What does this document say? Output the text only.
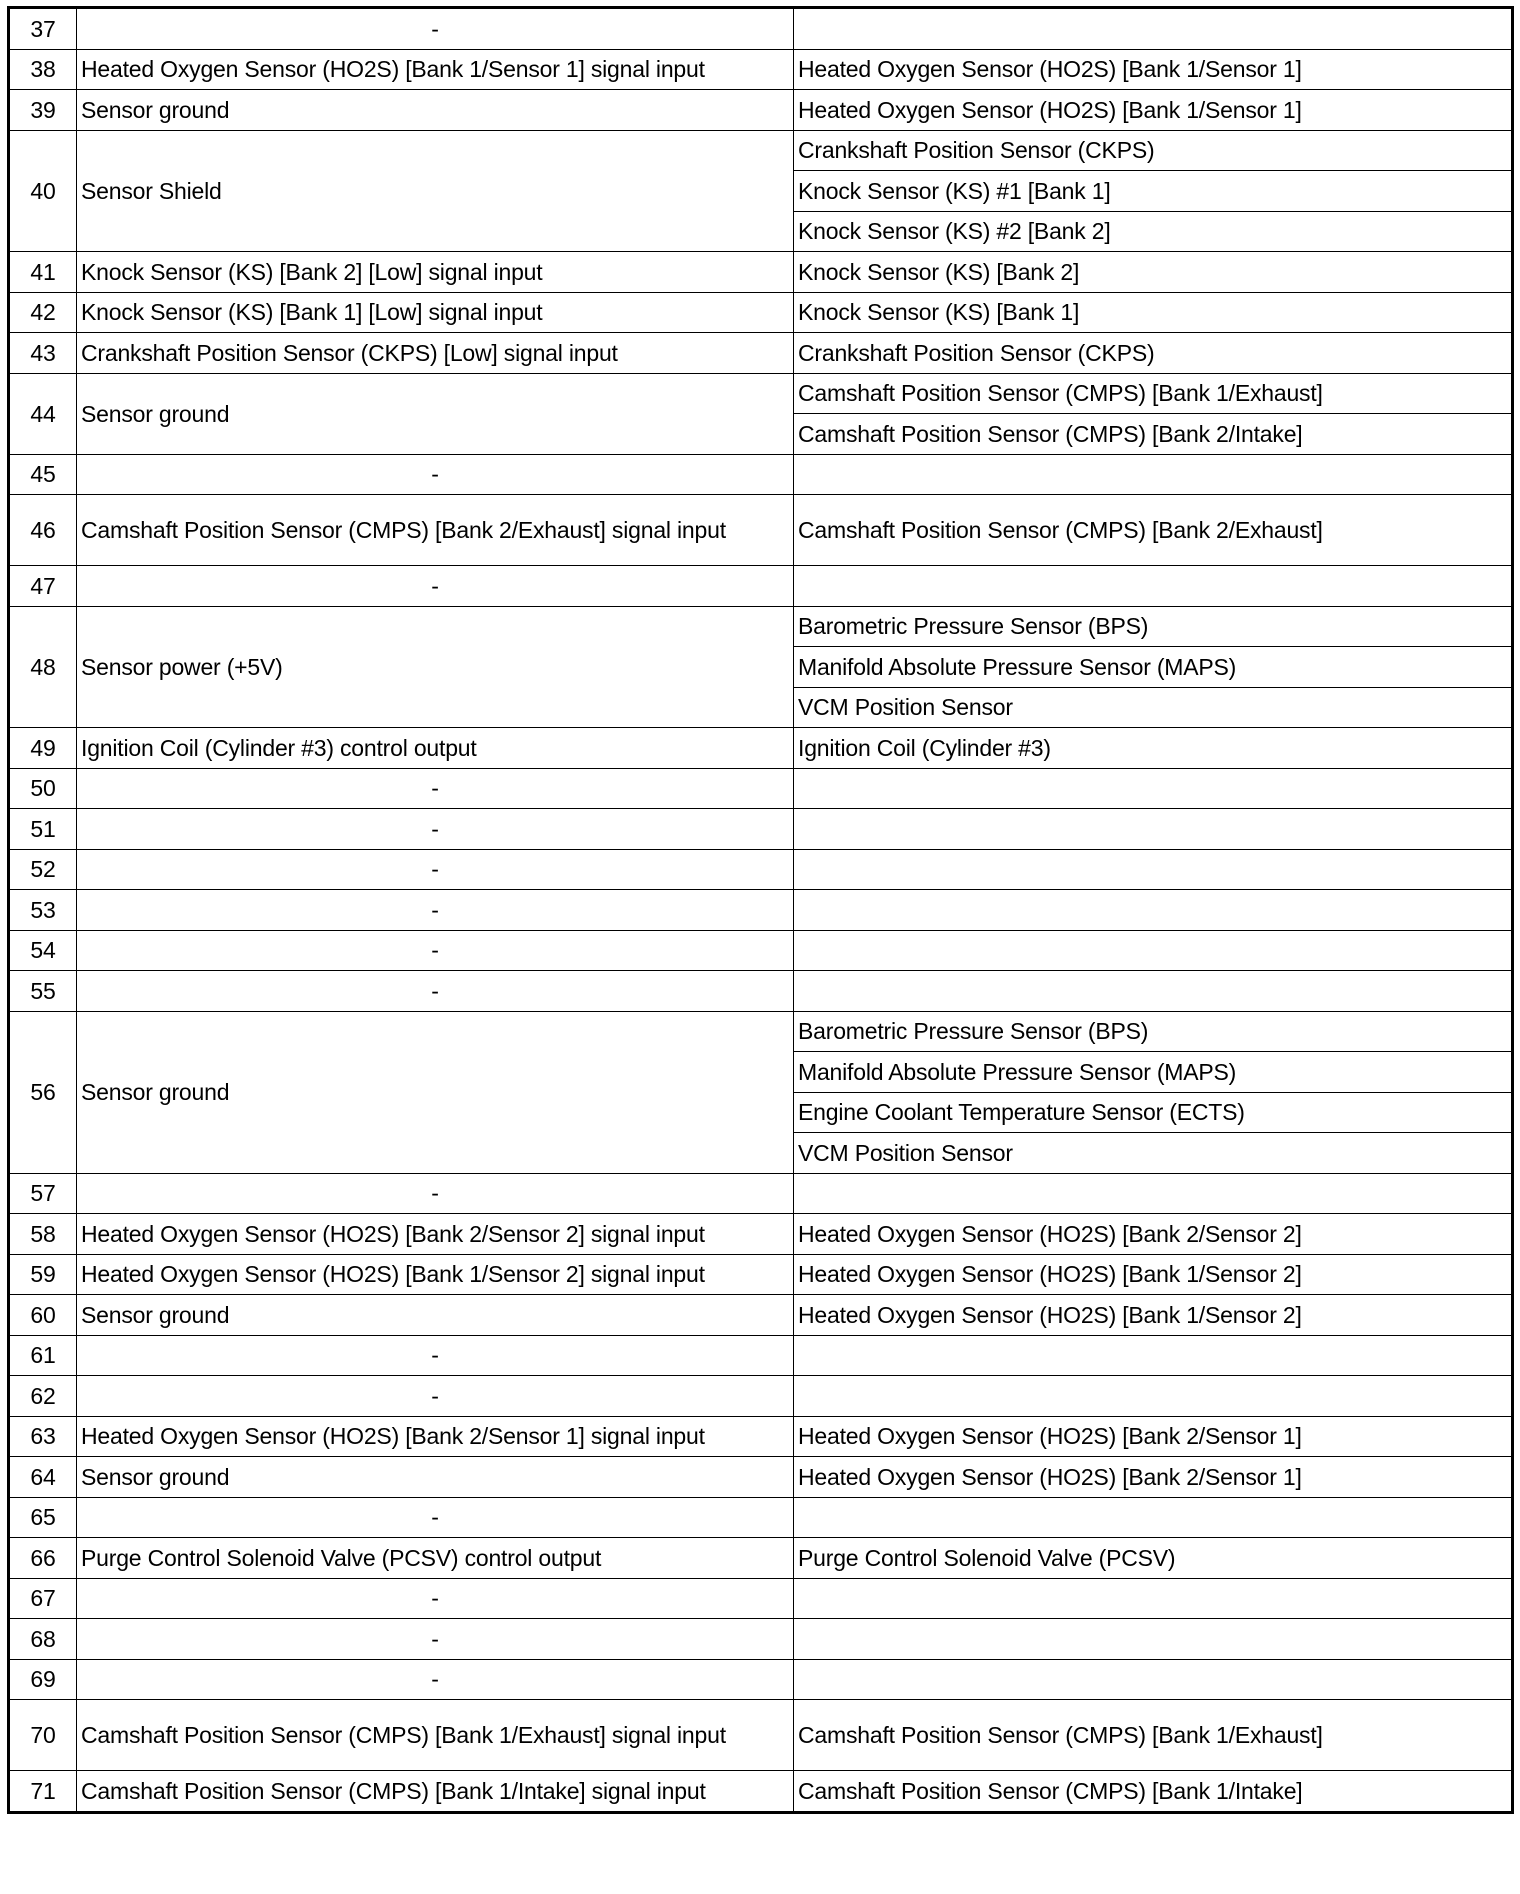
37	-	
38	Heated Oxygen Sensor (HO2S) [Bank 1/Sensor 1] signal input	Heated Oxygen Sensor (HO2S) [Bank 1/Sensor 1]
39	Sensor ground	Heated Oxygen Sensor (HO2S) [Bank 1/Sensor 1]
40	Sensor Shield	Crankshaft Position Sensor (CKPS)
		Knock Sensor (KS) #1 [Bank 1]
		Knock Sensor (KS) #2 [Bank 2]
41	Knock Sensor (KS) [Bank 2] [Low] signal input	Knock Sensor (KS) [Bank 2]
42	Knock Sensor (KS) [Bank 1] [Low] signal input	Knock Sensor (KS) [Bank 1]
43	Crankshaft Position Sensor (CKPS) [Low] signal input	Crankshaft Position Sensor (CKPS)
44	Sensor ground	Camshaft Position Sensor (CMPS) [Bank 1/Exhaust]
		Camshaft Position Sensor (CMPS) [Bank 2/Intake]
45	-	
46	Camshaft Position Sensor (CMPS) [Bank 2/Exhaust] signal input	Camshaft Position Sensor (CMPS) [Bank 2/Exhaust]
47	-	
48	Sensor power (+5V)	Barometric Pressure Sensor (BPS)
		Manifold Absolute Pressure Sensor (MAPS)
		VCM Position Sensor
49	Ignition Coil (Cylinder #3) control output	Ignition Coil (Cylinder #3)
50	-	
51	-	
52	-	
53	-	
54	-	
55	-	
56	Sensor ground	Barometric Pressure Sensor (BPS)
		Manifold Absolute Pressure Sensor (MAPS)
		Engine Coolant Temperature Sensor (ECTS)
		VCM Position Sensor
57	-	
58	Heated Oxygen Sensor (HO2S) [Bank 2/Sensor 2] signal input	Heated Oxygen Sensor (HO2S) [Bank 2/Sensor 2]
59	Heated Oxygen Sensor (HO2S) [Bank 1/Sensor 2] signal input	Heated Oxygen Sensor (HO2S) [Bank 1/Sensor 2]
60	Sensor ground	Heated Oxygen Sensor (HO2S) [Bank 1/Sensor 2]
61	-	
62	-	
63	Heated Oxygen Sensor (HO2S) [Bank 2/Sensor 1] signal input	Heated Oxygen Sensor (HO2S) [Bank 2/Sensor 1]
64	Sensor ground	Heated Oxygen Sensor (HO2S) [Bank 2/Sensor 1]
65	-	
66	Purge Control Solenoid Valve (PCSV) control output	Purge Control Solenoid Valve (PCSV)
67	-	
68	-	
69	-	
70	Camshaft Position Sensor (CMPS) [Bank 1/Exhaust] signal input	Camshaft Position Sensor (CMPS) [Bank 1/Exhaust]
71	Camshaft Position Sensor (CMPS) [Bank 1/Intake] signal input	Camshaft Position Sensor (CMPS) [Bank 1/Intake]
